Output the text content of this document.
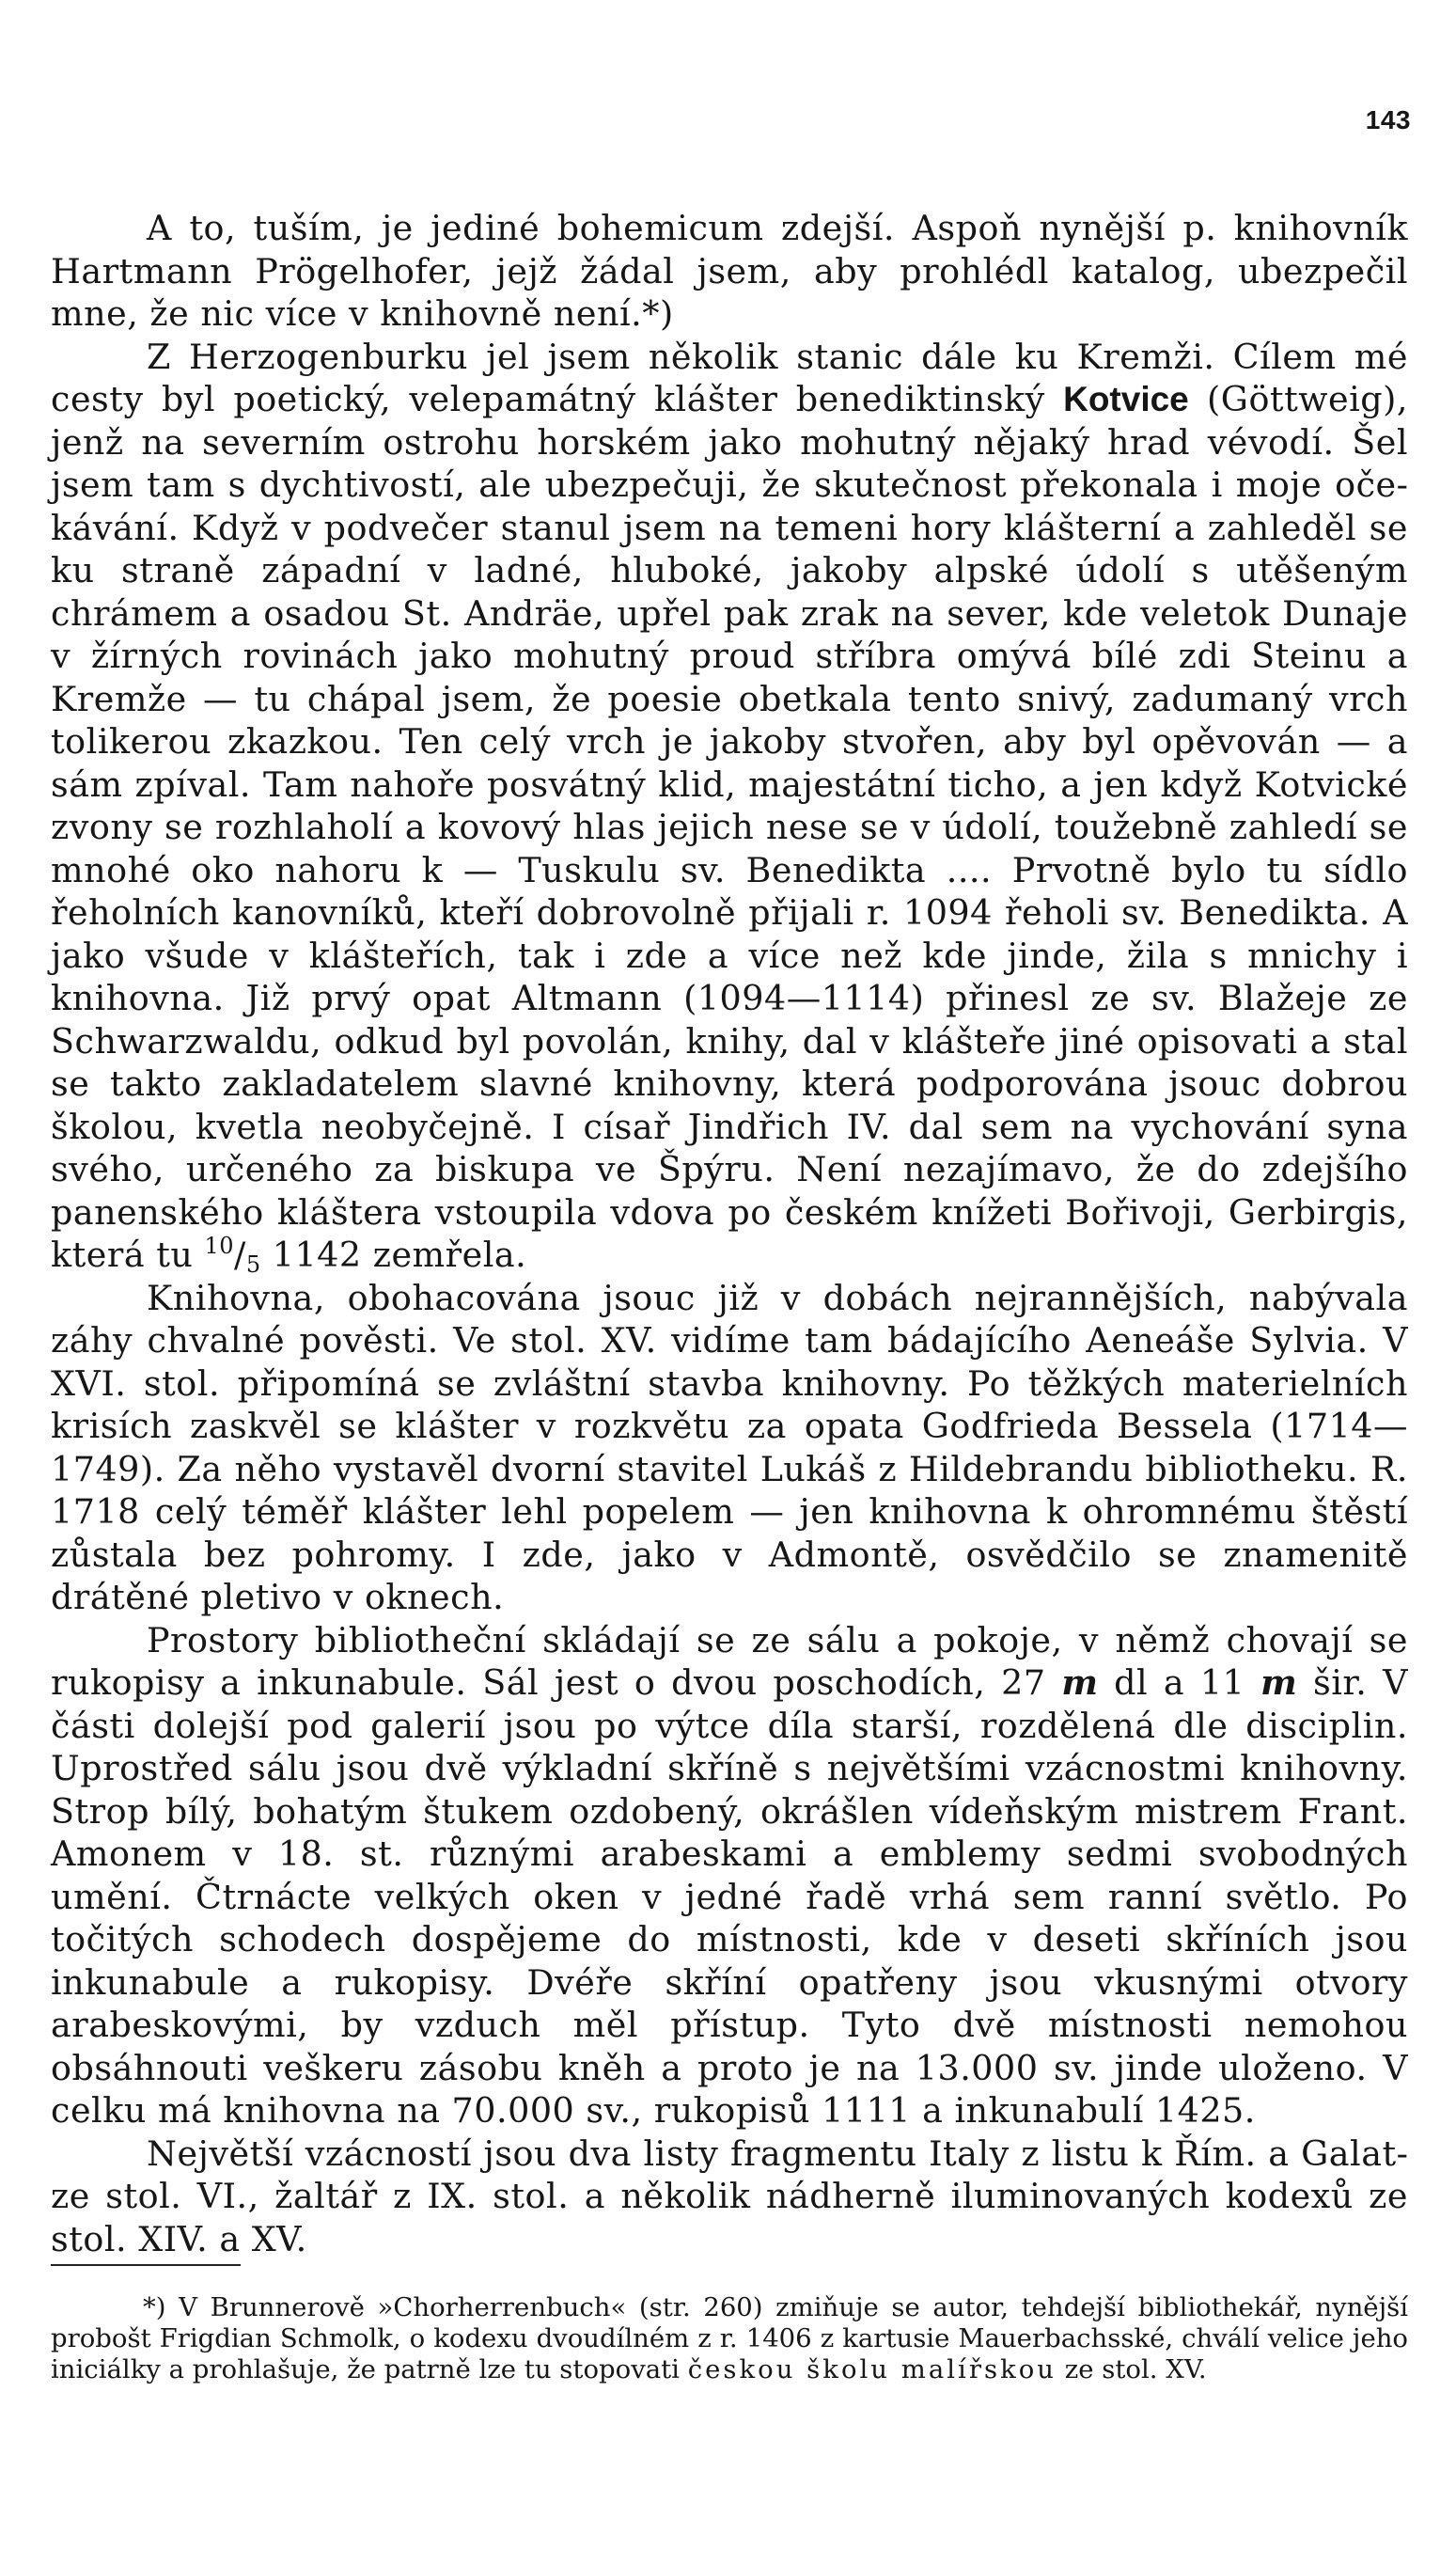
143

A to, tuším, je jediné bohemicum zdejší. Aspoň nynější p. knihovník Hartmann Prögelhofer, jejž žádal jsem, aby prohlédl katalog, ubezpečil mne, že nic více v knihovně není.*)

Z Herzogenburku jel jsem několik stanic dále ku Kremži. Cílem mé cesty byl poetický, velepamátný klášter benediktinský Kotvice (Göttweig), jenž na severním ostrohu horském jako mohutný nějaký hrad vévodí. Šel jsem tam s dychtivostí, ale ubezpečuji, že skutečnost překonala i moje očekávání. Když v podvečer stanul jsem na temeni hory klášterní a zahleděl se ku straně západní v ladné, hluboké, jakoby alpské údolí s utěšeným chrámem a osadou St. Andräe, upřel pak zrak na sever, kde veletok Dunaje v žírných rovinách jako mohutný proud stříbra omývá bílé zdi Steinu a Kremže — tu chápal jsem, že poesie obetkala tento snivý, zadumaný vrch tolikerou zkazkou. Ten celý vrch je jakoby stvořen, aby byl opěvován — a sám zpíval. Tam nahoře posvátný klid, majestátní ticho, a jen když Kotvické zvony se rozhlaholí a kovový hlas jejich nese se v údolí, toužebně zahledí se mnohé oko nahoru k — Tuskulu sv. Benedikta .... Prvotně bylo tu sídlo řeholních kanovníků, kteří dobrovolně přijali r. 1094 řeholi sv. Benedikta. A jako všude v klášteřích, tak i zde a více než kde jinde, žila s mnichy i knihovna. Již prvý opat Altmann (1094—1114) přinesl ze sv. Blažeje ze Schwarzwaldu, odkud byl povolán, knihy, dal v klášteře jiné opisovati a stal se takto zakladatelem slavné knihovny, která podporována jsouc dobrou školou, kvetla neobyčejně. I císař Jindřich IV. dal sem na vychování syna svého, určeného za biskupa ve Špýru. Není nezajímavo, že do zdejšího panenského kláštera vstoupila vdova po českém knížeti Bořivoji, Gerbirgis, která tu $^{10}$/5 1142 zemřela.

Knihovna, obohacována jsouc již v dobách nejrannějších, nabývala záhy chvalné pověsti. Ve stol. XV. vidíme tam bádajícího Aeneáše Sylvia. V XVI. stol. připomíná se zvláštní stavba knihovny. Po těžkých materielních krisích zaskvěl se klášter v rozkvětu za opata Godfrieda Bessela (1714—1749). Za něho vystavěl dvorní stavitel Lukáš z Hildebrandu bibliotheku. R. 1718 celý téměř klášter lehl popelem — jen knihovna k ohromnému štěstí zůstala bez pohromy. I zde, jako v Admontě, osvědčilo se znamenitě drátěné pletivo v oknech.

Prostory bibliotheční skládají se ze sálu a pokoje, v němž chovají se rukopisy a inkunabule. Sál jest o dvou poschodích, 27 m dl a 11 m šir. V části dolejší pod galerií jsou po výtce díla starší, rozdělená dle disciplin. Uprostřed sálu jsou dvě výkladní skříně s největšími vzácnostmi knihovny. Strop bílý, bohatým štukem ozdobený, okrášlen vídeňským mistrem Frant. Amonem v 18. st. různými arabeskami a emblemy sedmi svobodných umění. Čtrnácte velkých oken v jedné řadě vrhá sem ranní světlo. Po točitých schodech dospějeme do místnosti, kde v deseti skříních jsou inkunabule a rukopisy. Dvéře skříní opatřeny jsou vkusnými otvory arabeskovými, by vzduch měl přístup. Tyto dvě místnosti nemohou obsáhnouti veškeru zásobu kněh a proto je na 13.000 sv. jinde uloženo. V celku má knihovna na 70.000 sv., rukopisů 1111 a inkunabulí 1425.

Největší vzácností jsou dva listy fragmentu Italy z listu k Řím. a Galatze stol. VI., žaltář z IX. stol. a několik nádherně iluminovaných kodexů ze stol. XIV. a XV.

*) V Brunnerově »Chorherrenbuch« (str. 260) zmiňuje se autor, tehdejší bibliothekář, nynější probošt Frigdian Schmolk, o kodexu dvoudílném z r. 1406 z kartusie Mauerbachsské, chválí velice jeho iniciálky a prohlašuje, že patrně lze tu stopovati českou školu malířskou ze stol. XV.
